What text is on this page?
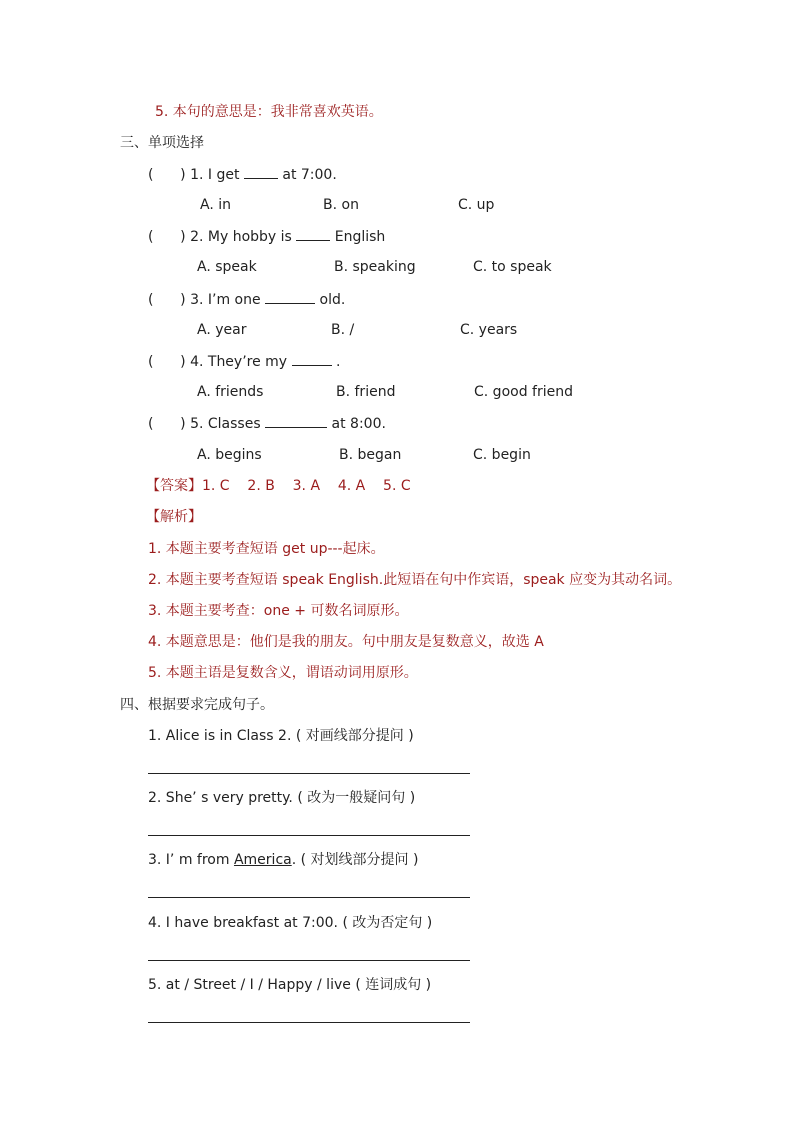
5. 本句的意思是：我非常喜欢英语。
三、单项选择
(      ) 1. I get	at 7:00.
A. in	B. on	C. up
(      ) 2. My hobby is	English
A. speak	B. speaking	C. to speak
(      ) 3. I’m one	old.
A. year	B. /	C. years
(      ) 4. They’re my	.
A. friends	B. friend	C. good friend
(      ) 5. Classes	at 8:00.
A. begins	B. began	C. begin
【答案】1. C 2. B 3. A 4. A 5. C
【解析】
1. 本题主要考查短语 get up---起床。
2. 本题主要考查短语 speak English.此短语在句中作宾语，speak 应变为其动名词。
3. 本题主要考查：one + 可数名词原形。
4. 本题意思是：他们是我的朋友。句中朋友是复数意义，故选 A
5. 本题主语是复数含义，谓语动词用原形。
四、根据要求完成句子。
1. Alice is in Class 2. ( 对画线部分提问 )
2. She’ s very pretty. ( 改为一般疑问句 )
3. I’ m from America. ( 对划线部分提问 )
4. I have breakfast at 7:00. ( 改为否定句 )
5. at / Street / I / Happy / live ( 连词成句 )
